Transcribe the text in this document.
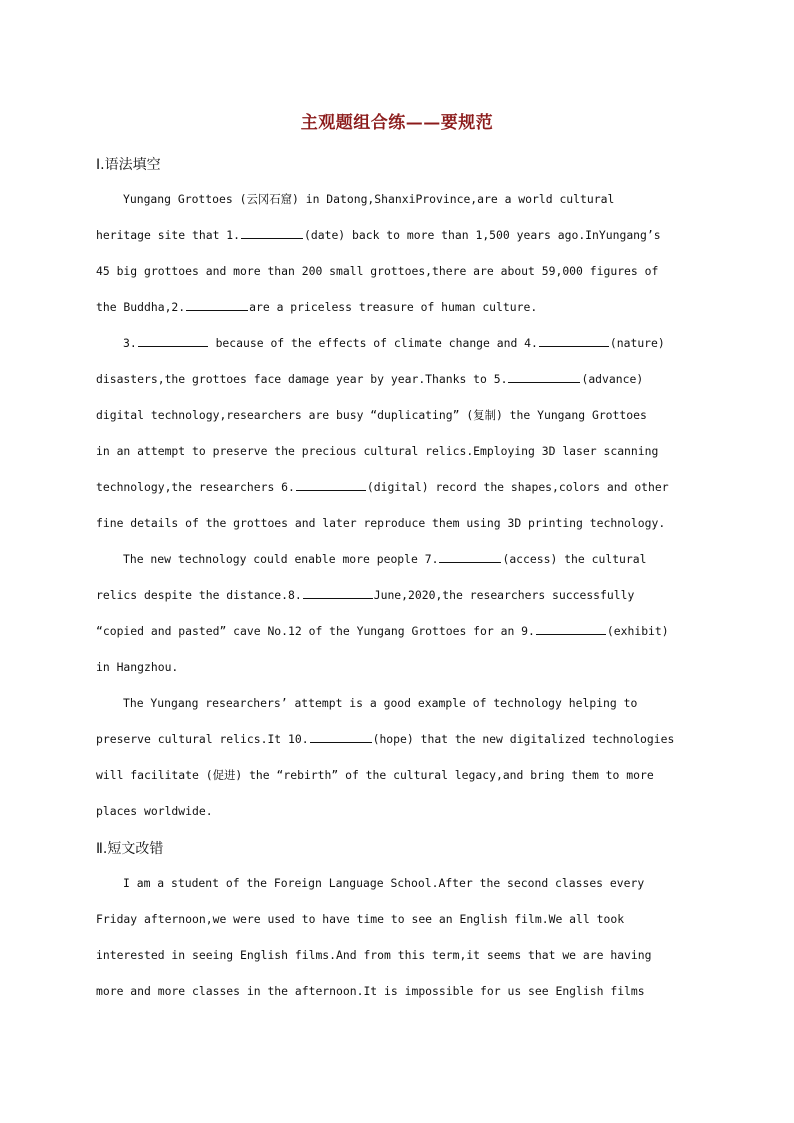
主观题组合练——要规范
Ⅰ.语法填空
Yungang Grottoes (云冈石窟) in Datong,ShanxiProvince,are a world cultural
heritage site that 1.	(date) back to more than 1,500 years ago.InYungang’s
45 big grottoes and more than 200 small grottoes,there are about 59,000 figures of
the Buddha,2.	are a priceless treasure of human culture.
3.	because of the effects of climate change and 4.	(nature)
disasters,the grottoes face damage year by year.Thanks to 5.	(advance)
digital technology,researchers are busy “duplicating” (复制) the Yungang Grottoes
in an attempt to preserve the precious cultural relics.Employing 3D laser scanning
technology,the researchers 6.	(digital) record the shapes,colors and other
fine details of the grottoes and later reproduce them using 3D printing technology.
The new technology could enable more people 7.	(access) the cultural
relics despite the distance.8.	June,2020,the researchers successfully
“copied and pasted” cave No.12 of the Yungang Grottoes for an 9.	(exhibit)
in Hangzhou.
The Yungang researchers’ attempt is a good example of technology helping to
preserve cultural relics.It 10.	(hope) that the new digitalized technologies
will facilitate (促进) the “rebirth” of the cultural legacy,and bring them to more
places worldwide.
Ⅱ.短文改错
I am a student of the Foreign Language School.After the second classes every
Friday afternoon,we were used to have time to see an English film.We all took
interested in seeing English films.And from this term,it seems that we are having
more and more classes in the afternoon.It is impossible for us see English films
